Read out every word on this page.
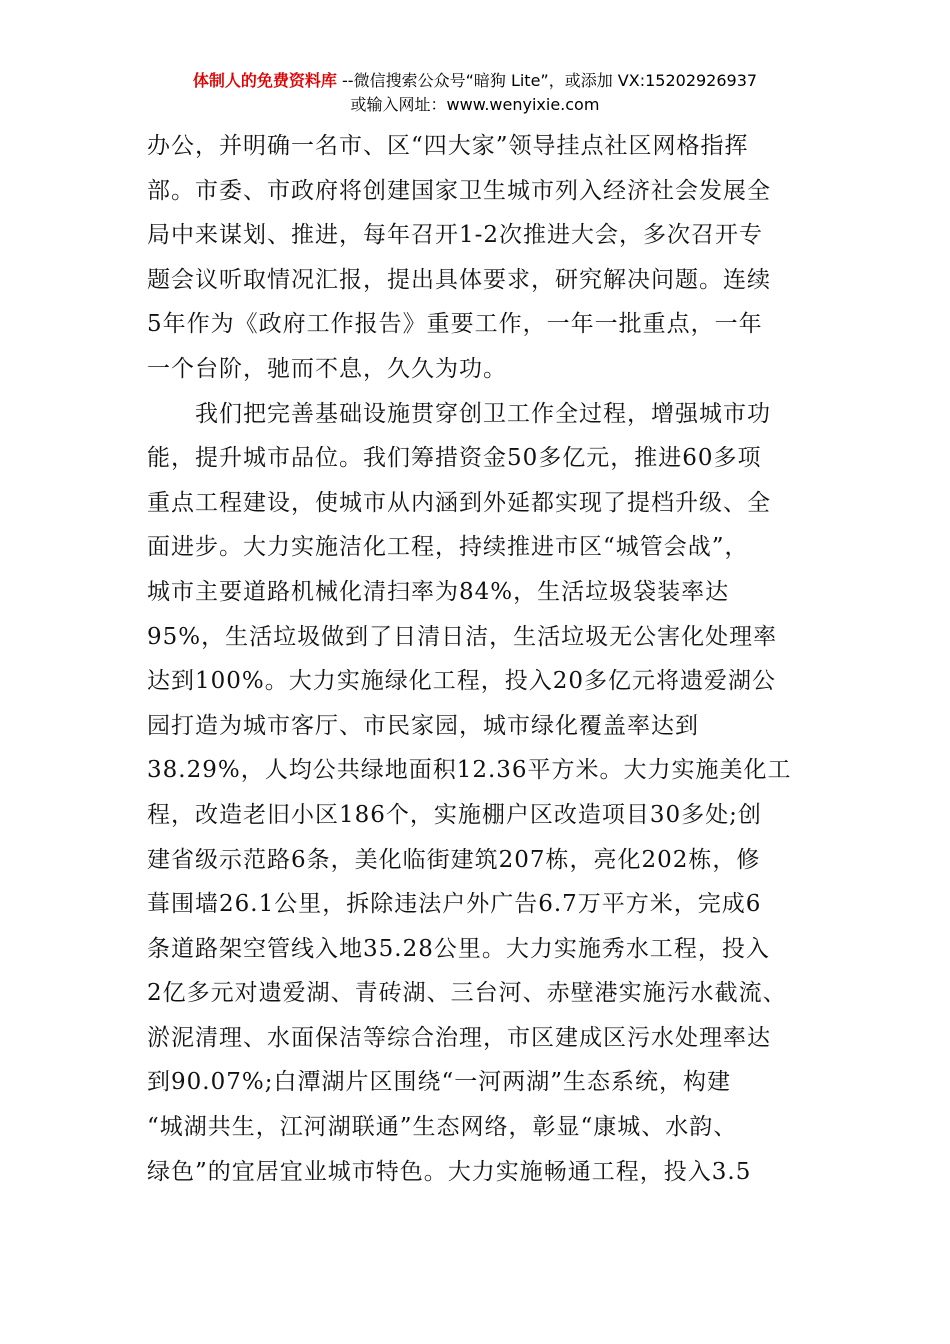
体制人的免费资料库 --微信搜索公众号“暗狗 Lite”，或添加 VX:15202926937
或输入网址：www.wenyixie.com
办公，并明确一名市、区“四大家”领导挂点社区网格指挥
部。市委、市政府将创建国家卫生城市列入经济社会发展全
局中来谋划、推进，每年召开1-2次推进大会，多次召开专
题会议听取情况汇报，提出具体要求，研究解决问题。连续
5年作为《政府工作报告》重要工作，一年一批重点，一年
一个台阶，驰而不息，久久为功。
　　我们把完善基础设施贯穿创卫工作全过程，增强城市功
能，提升城市品位。我们筹措资金50多亿元，推进60多项
重点工程建设，使城市从内涵到外延都实现了提档升级、全
面进步。大力实施洁化工程，持续推进市区“城管会战”，
城市主要道路机械化清扫率为84%，生活垃圾袋装率达
95%，生活垃圾做到了日清日洁，生活垃圾无公害化处理率
达到100%。大力实施绿化工程，投入20多亿元将遗爱湖公
园打造为城市客厅、市民家园，城市绿化覆盖率达到
38.29%，人均公共绿地面积12.36平方米。大力实施美化工
程，改造老旧小区186个，实施棚户区改造项目30多处;创
建省级示范路6条，美化临街建筑207栋，亮化202栋，修
葺围墙26.1公里，拆除违法户外广告6.7万平方米，完成6
条道路架空管线入地35.28公里。大力实施秀水工程，投入
2亿多元对遗爱湖、青砖湖、三台河、赤壁港实施污水截流、
淤泥清理、水面保洁等综合治理，市区建成区污水处理率达
到90.07%;白潭湖片区围绕“一河两湖”生态系统，构建
“城湖共生，江河湖联通”生态网络，彰显“康城、水韵、
绿色”的宜居宜业城市特色。大力实施畅通工程，投入3.5
